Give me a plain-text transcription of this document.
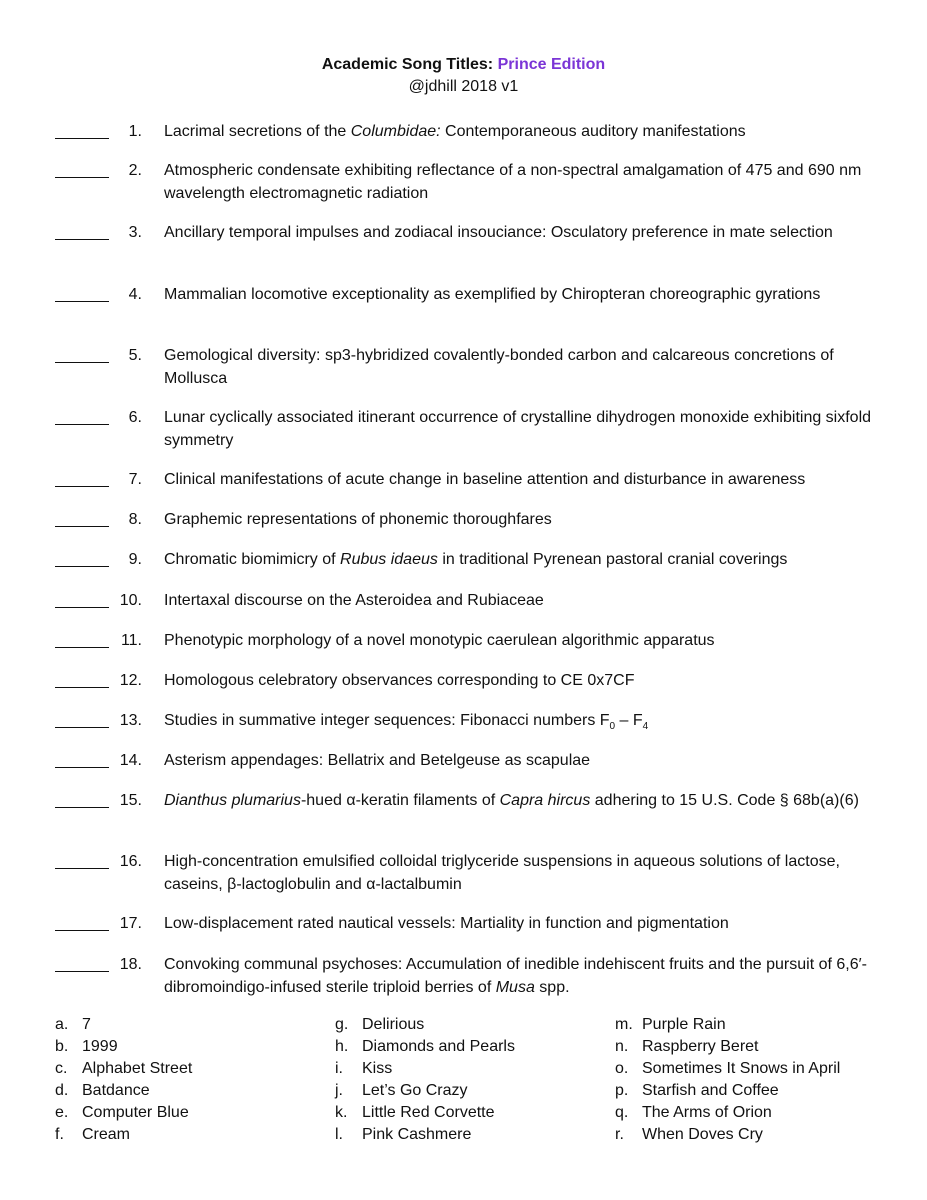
Academic Song Titles: Prince Edition
@jdhill 2018 v1
1. Lacrimal secretions of the Columbidae: Contemporaneous auditory manifestations
2. Atmospheric condensate exhibiting reflectance of a non-spectral amalgamation of 475 and 690 nm wavelength electromagnetic radiation
3. Ancillary temporal impulses and zodiacal insouciance: Osculatory preference in mate selection
4. Mammalian locomotive exceptionality as exemplified by Chiropteran choreographic gyrations
5. Gemological diversity: sp3-hybridized covalently-bonded carbon and calcareous concretions of Mollusca
6. Lunar cyclically associated itinerant occurrence of crystalline dihydrogen monoxide exhibiting sixfold symmetry
7. Clinical manifestations of acute change in baseline attention and disturbance in awareness
8. Graphemic representations of phonemic thoroughfares
9. Chromatic biomimicry of Rubus idaeus in traditional Pyrenean pastoral cranial coverings
10. Intertaxal discourse on the Asteroidea and Rubiaceae
11. Phenotypic morphology of a novel monotypic caerulean algorithmic apparatus
12. Homologous celebratory observances corresponding to CE 0x7CF
13. Studies in summative integer sequences: Fibonacci numbers $F_0 - F_4$
14. Asterism appendages: Bellatrix and Betelgeuse as scapulae
15. Dianthus plumarius-hued α-keratin filaments of Capra hircus adhering to 15 U.S. Code § 68b(a)(6)
16. High-concentration emulsified colloidal triglyceride suspensions in aqueous solutions of lactose, caseins, β-lactoglobulin and α-lactalbumin
17. Low-displacement rated nautical vessels: Martiality in function and pigmentation
18. Convoking communal psychoses: Accumulation of inedible indehiscent fruits and the pursuit of 6,6′-dibromoindigo-infused sterile triploid berries of Musa spp.
a. 7
b. 1999
c. Alphabet Street
d. Batdance
e. Computer Blue
f.	Cream
g. Delirious
h. Diamonds and Pearls
i.	Kiss
j.	Let’s Go Crazy
k. Little Red Corvette
l.	Pink Cashmere
m. Purple Rain
n. Raspberry Beret
o. Sometimes It Snows in April
p. Starfish and Coffee
q. The Arms of Orion
r.	When Doves Cry
